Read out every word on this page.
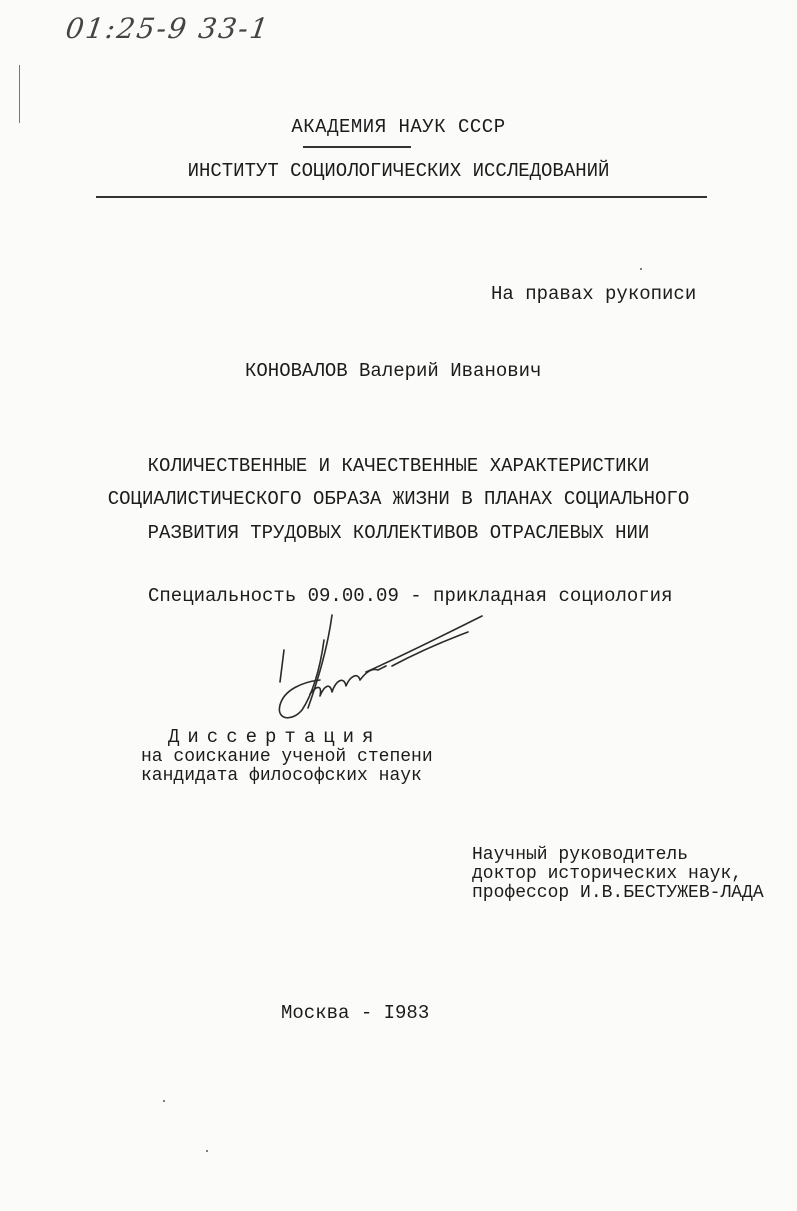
01:25-9 33-1
АКАДЕМИЯ НАУК СССР
ИНСТИТУТ СОЦИОЛОГИЧЕСКИХ ИССЛЕДОВАНИЙ
На правах рукописи
КОНОВАЛОВ Валерий Иванович
КОЛИЧЕСТВЕННЫЕ И КАЧЕСТВЕННЫЕ ХАРАКТЕРИСТИКИ
СОЦИАЛИСТИЧЕСКОГО ОБРАЗА ЖИЗНИ В ПЛАНАХ СОЦИАЛЬНОГО
РАЗВИТИЯ ТРУДОВЫХ КОЛЛЕКТИВОВ ОТРАСЛЕВЫХ НИИ
Специальность 09.00.09 - прикладная социология
Диссертация
на соискание ученой степени
кандидата философских наук
Научный руководитель
доктор исторических наук,
профессор И.В.БЕСТУЖЕВ-ЛАДА
Москва - I983
